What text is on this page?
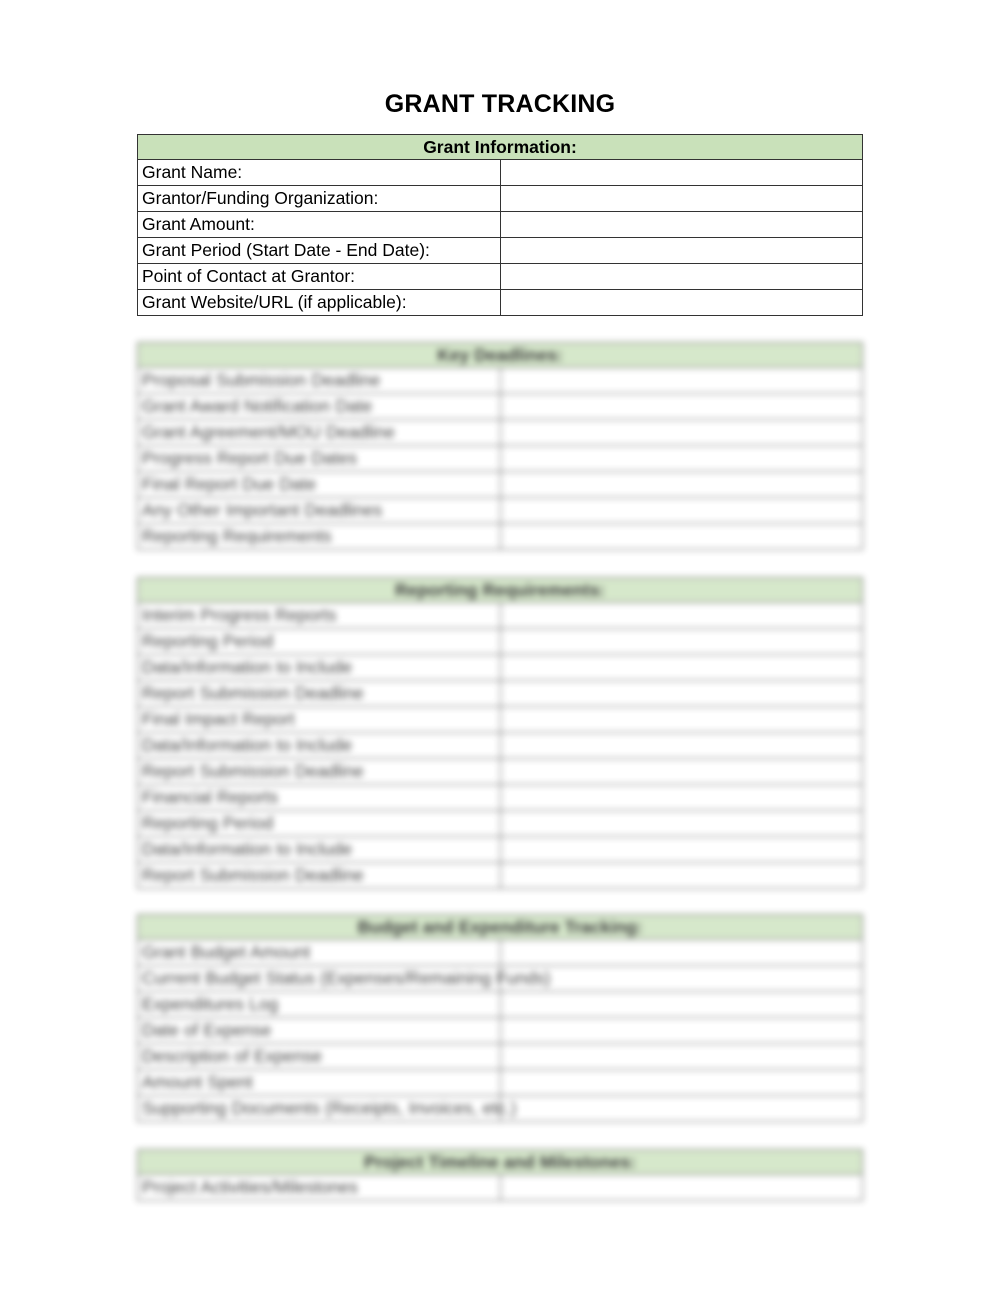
GRANT TRACKING
Grant Information:	
Grant Name:	
Grantor/Funding Organization:	
Grant Amount:	
Grant Period (Start Date - End Date):	
Point of Contact at Grantor:	
Grant Website/URL (if applicable):	
Key Deadlines:	
Proposal Submission Deadline	
Grant Award Notification Date	
Grant Agreement/MOU Deadline	
Progress Report Due Dates	
Final Report Due Date	
Any Other Important Deadlines	
Reporting Requirements	
Reporting Requirements:	
Interim Progress Reports	
Reporting Period	
Data/Information to Include	
Report Submission Deadline	
Final Impact Report	
Data/Information to Include	
Report Submission Deadline	
Financial Reports	
Reporting Period	
Data/Information to Include	
Report Submission Deadline	
Budget and Expenditure Tracking:	
Grant Budget Amount	
Current Budget Status (Expenses/Remaining Funds)	
Expenditures Log	
Date of Expense	
Description of Expense	
Amount Spent	
Supporting Documents (Receipts, Invoices, etc.)	
Project Timeline and Milestones:
Project Activities/Milestones	
